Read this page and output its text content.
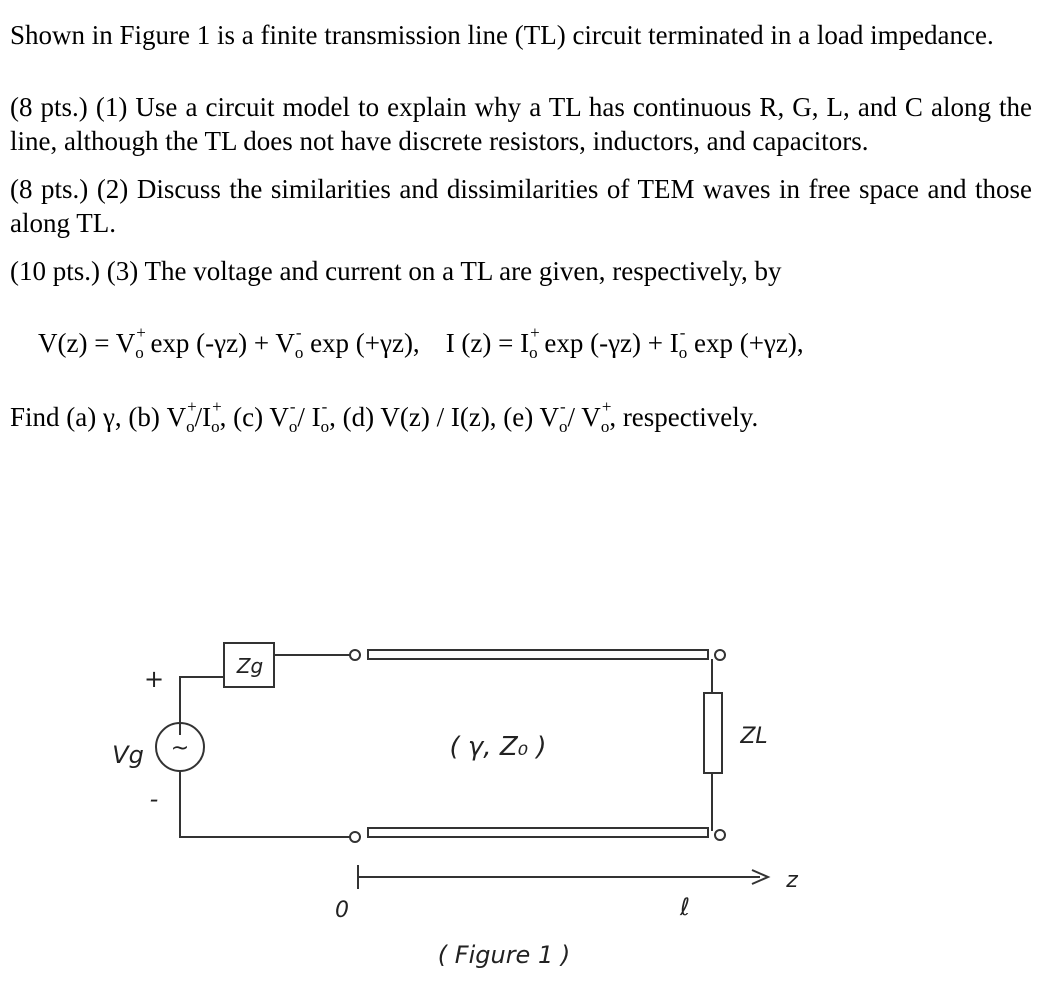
Shown in Figure 1 is a finite transmission line (TL) circuit terminated in a load impedance.

(8 pts.) (1) Use a circuit model to explain why a TL has continuous R, G, L, and C along the line, although the TL does not have discrete resistors, inductors, and capacitors.

(8 pts.) (2) Discuss the similarities and dissimilarities of TEM waves in free space and those along TL.

(10 pts.) (3) The voltage and current on a TL are given, respectively, by

V(z) = V +
$_o$ exp (-γz) + V -
$_o$ exp (+γz), I (z) = I +
$_o$ exp (-γz) + I -
$_o$ exp (+γz),

Find (a) γ, (b) V +
$_o$/I +
$_o$, (c) V -
$_o$/ I -
$_o$, (d) V(z) / I(z), (e) V -
$_o$/ V +
$_o$, respectively.

~
Zg
+
-
Vg	( γ, Z₀ )	ZL
0	ℓ
z
( Figure 1 )
